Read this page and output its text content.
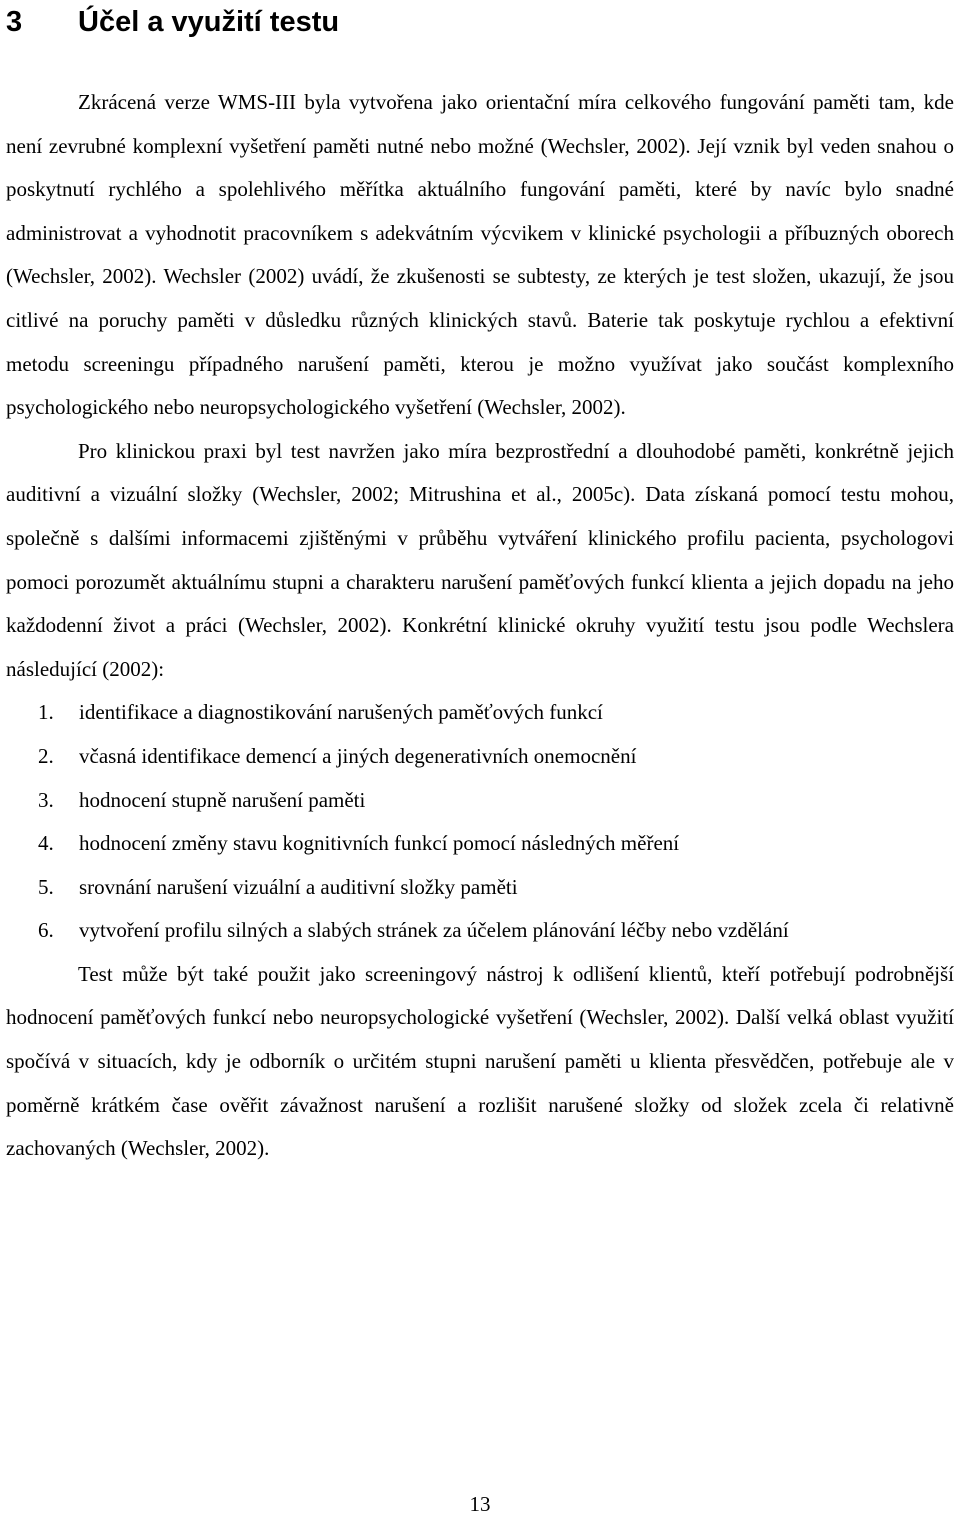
3 Účel a využití testu

Zkrácená verze WMS-III byla vytvořena jako orientační míra celkového fungování paměti tam, kde není zevrubné komplexní vyšetření paměti nutné nebo možné (Wechsler, 2002). Její vznik byl veden snahou o poskytnutí rychlého a spolehlivého měřítka aktuálního fungování paměti, které by navíc bylo snadné administrovat a vyhodnotit pracovníkem s adekvátním výcvikem v klinické psychologii a příbuzných oborech (Wechsler, 2002). Wechsler (2002) uvádí, že zkušenosti se subtesty, ze kterých je test složen, ukazují, že jsou citlivé na poruchy paměti v důsledku různých klinických stavů. Baterie tak poskytuje rychlou a efektivní metodu screeningu případného narušení paměti, kterou je možno využívat jako součást komplexního psychologického nebo neuropsychologického vyšetření (Wechsler, 2002).

Pro klinickou praxi byl test navržen jako míra bezprostřední a dlouhodobé paměti, konkrétně jejich auditivní a vizuální složky (Wechsler, 2002; Mitrushina et al., 2005c). Data získaná pomocí testu mohou, společně s dalšími informacemi zjištěnými v průběhu vytváření klinického profilu pacienta, psychologovi pomoci porozumět aktuálnímu stupni a charakteru narušení paměťových funkcí klienta a jejich dopadu na jeho každodenní život a práci (Wechsler, 2002). Konkrétní klinické okruhy využití testu jsou podle Wechslera následující (2002):

1. identifikace a diagnostikování narušených paměťových funkcí
2. včasná identifikace demencí a jiných degenerativních onemocnění
3. hodnocení stupně narušení paměti
4. hodnocení změny stavu kognitivních funkcí pomocí následných měření
5. srovnání narušení vizuální a auditivní složky paměti
6. vytvoření profilu silných a slabých stránek za účelem plánování léčby nebo vzdělání

Test může být také použit jako screeningový nástroj k odlišení klientů, kteří potřebují podrobnější hodnocení paměťových funkcí nebo neuropsychologické vyšetření (Wechsler, 2002). Další velká oblast využití spočívá v situacích, kdy je odborník o určitém stupni narušení paměti u klienta přesvědčen, potřebuje ale v poměrně krátkém čase ověřit závažnost narušení a rozlišit narušené složky od složek zcela či relativně zachovaných (Wechsler, 2002).

13
